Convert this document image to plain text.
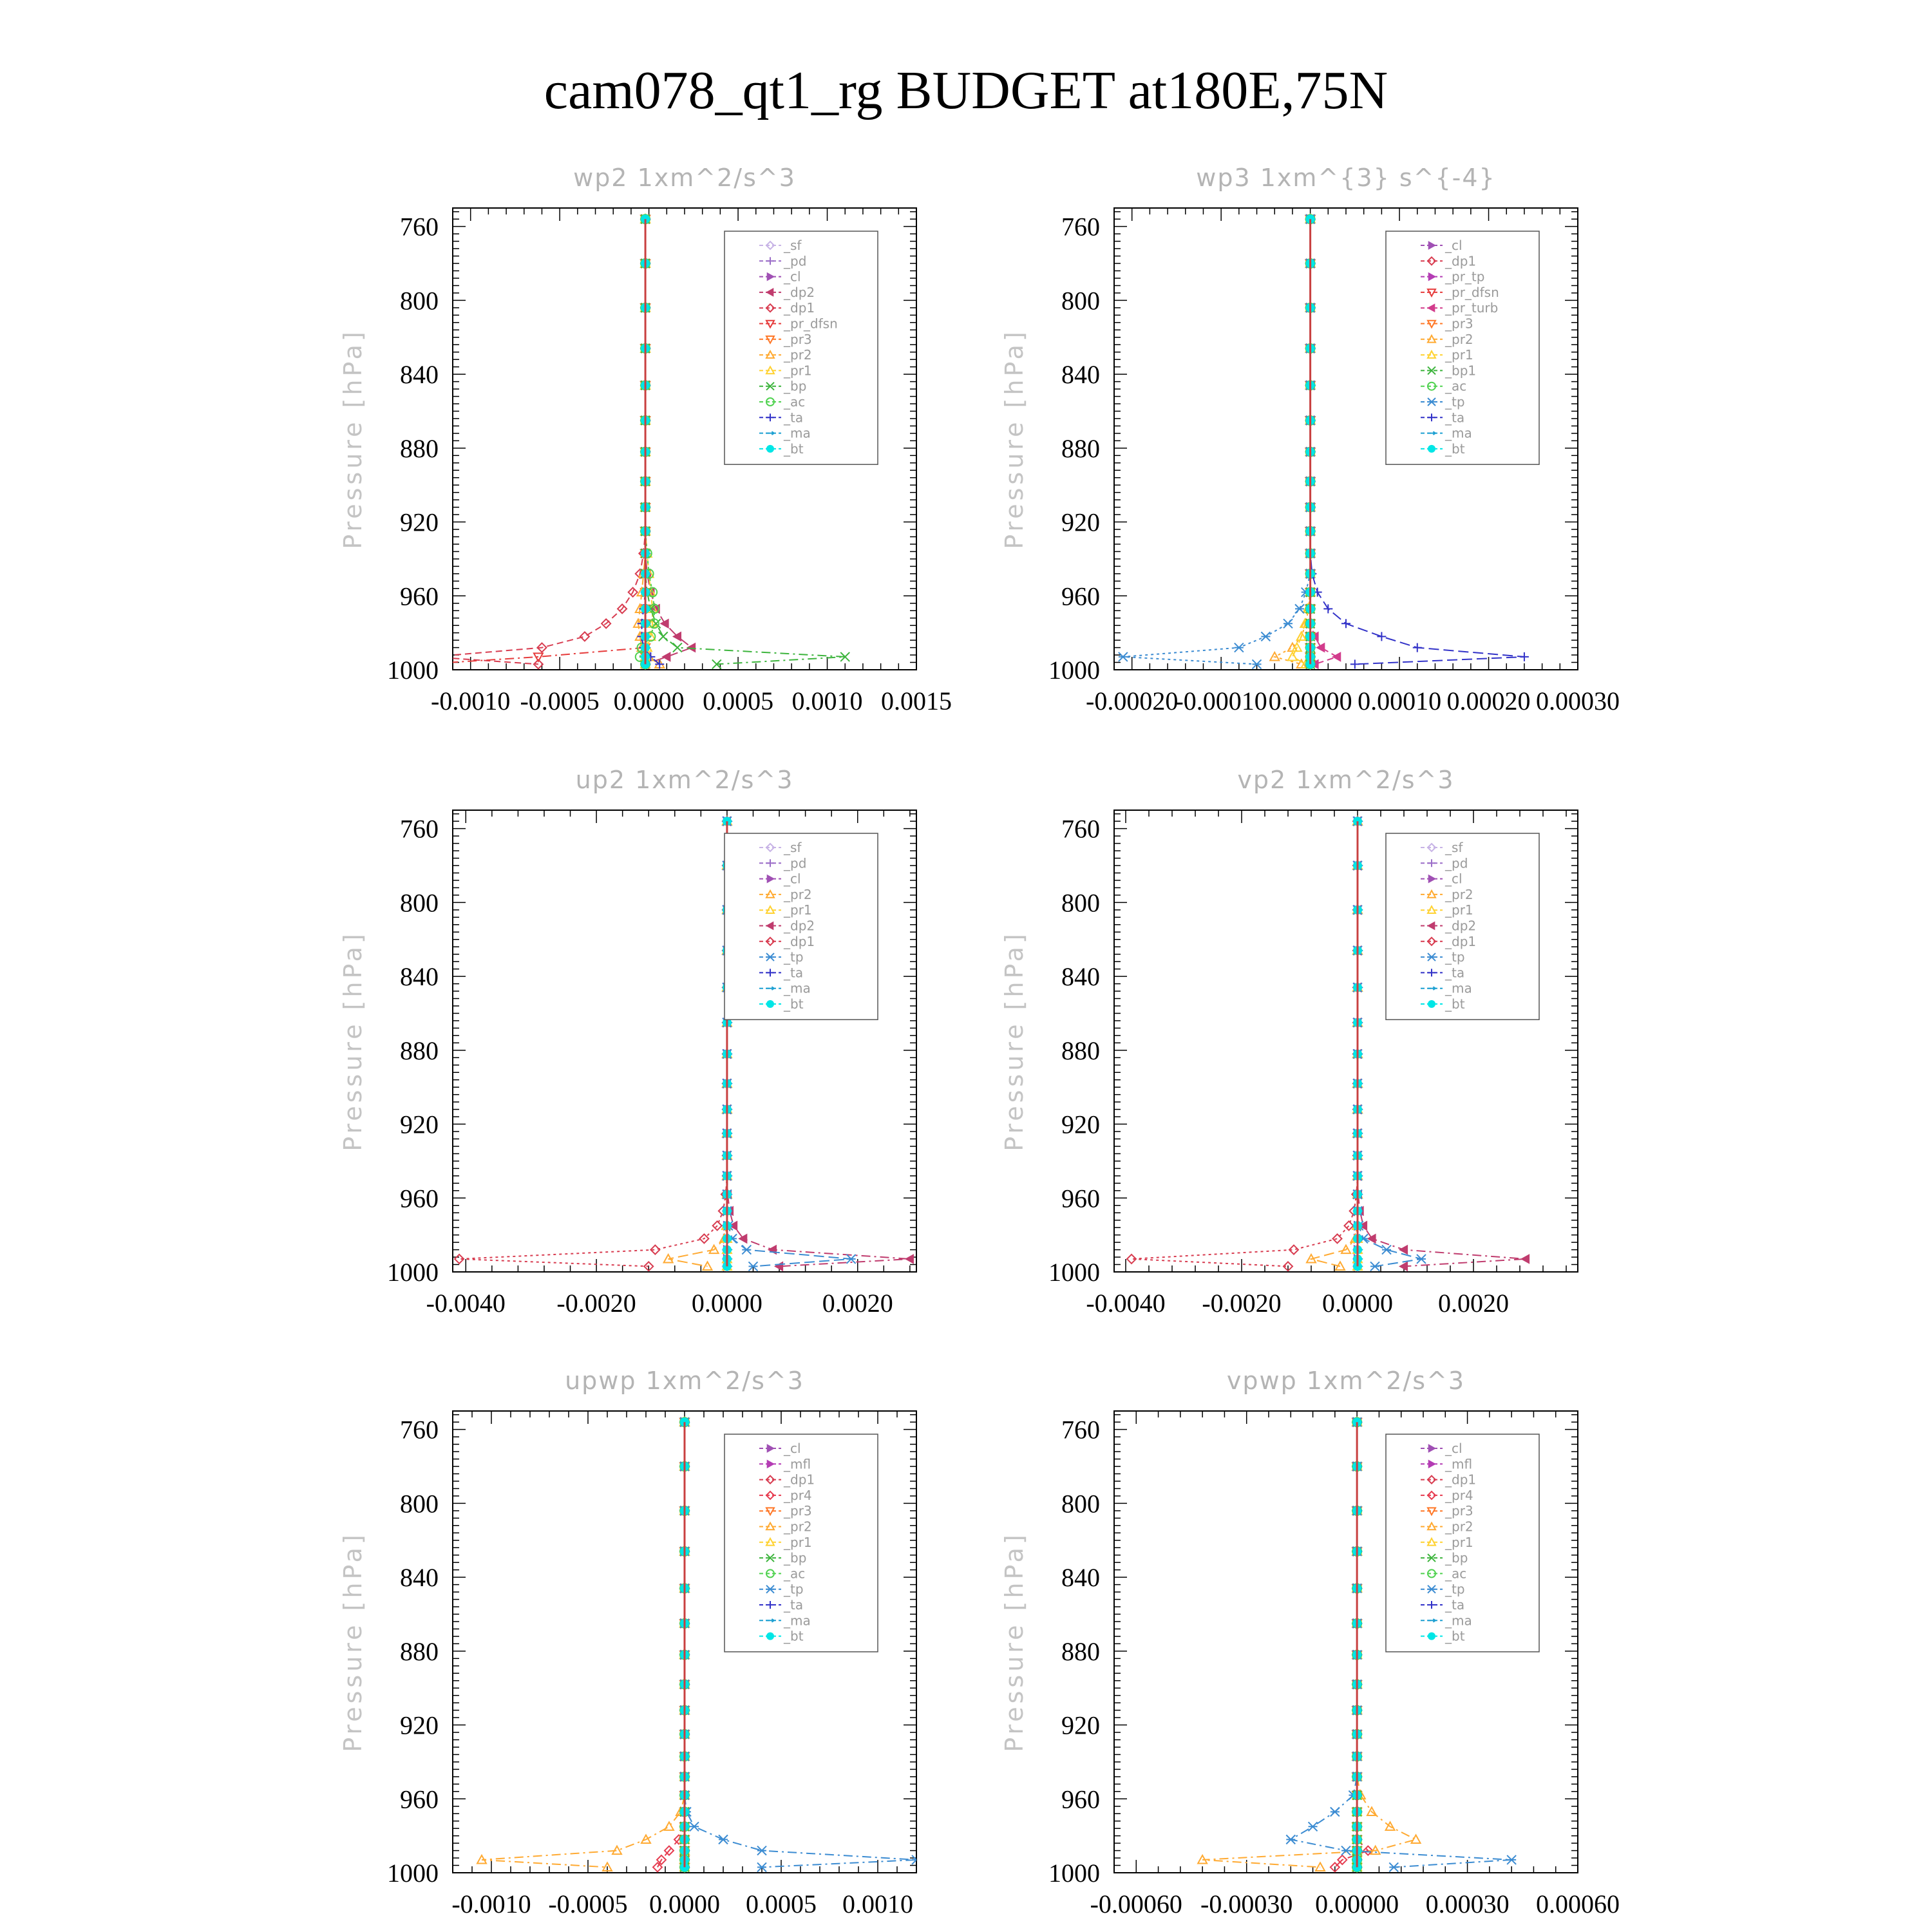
cam078_qt1_rg BUDGET at180E,75N
wp2 1xm^2/s^3
Pressure [hPa]
760
800
840
880
920
960
1000
-0.0010 -0.0005 0.0000 0.0005 0.0010 0.0015
_sf
_pd
_cl
_dp2
_dp1
_pr_dfsn
_pr3
_pr2
_pr1
_bp
_ac
_ta
_ma
_bt
wp3 1xm^{3} s^{-4}
Pressure [hPa]
760
800
840
880
920
960
1000
-0.00020
-0.00010 0.00000 0.00010 0.00020 0.00030
_cl
_dp1
_pr_tp
_pr_dfsn
_pr_turb
_pr3
_pr2
_pr1
_bp1
_ac
_tp
_ta
_ma
_bt
up2 1xm^2/s^3
Pressure [hPa]
760
800
840
880
920
960
1000
-0.0040 -0.0020 0.0000 0.0020
_sf
_pd
_cl
_pr2
_pr1
_dp2
_dp1
_tp
_ta
_ma
_bt
vp2 1xm^2/s^3
Pressure [hPa]
760
800
840
880
920
960
1000
-0.0040 -0.0020 0.0000 0.0020
_sf
_pd
_cl
_pr2
_pr1
_dp2
_dp1
_tp
_ta
_ma
_bt
upwp 1xm^2/s^3
Pressure [hPa]
760
800
840
880
920
960
1000
-0.0010 -0.0005 0.0000 0.0005 0.0010
_cl
_mfl
_dp1
_pr4
_pr3
_pr2
_pr1
_bp
_ac
_tp
_ta
_ma
_bt
vpwp 1xm^2/s^3
Pressure [hPa]
760
800
840
880
920
960
1000
-0.00060 -0.00030 0.00000 0.00030 0.00060
_cl
_mfl
_dp1
_pr4
_pr3
_pr2
_pr1
_bp
_ac
_tp
_ta
_ma
_bt
